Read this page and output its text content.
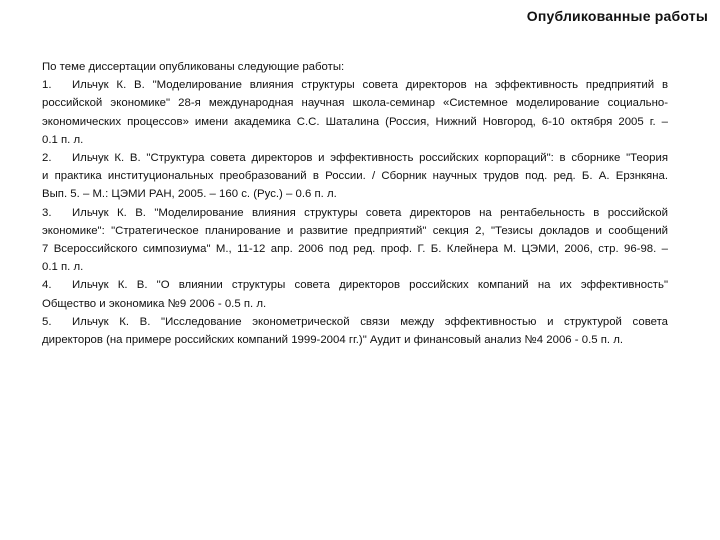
Опубликованные работы
По теме диссертации опубликованы следующие работы:
1. Ильчук К. В. "Моделирование влияния структуры совета директоров на эффективность предприятий в
российской экономике" 28-я международная научная школа-семинар «Системное моделирование социально-
экономических процессов» имени академика С.С. Шаталина (Россия, Нижний Новгород, 6-10 октября 2005 г. –
0.1 п. л.
2. Ильчук К. В. "Структура совета директоров и эффективность российских корпораций": в сборнике "Теория
и практика институциональных преобразований в России. / Сборник научных трудов под. ред. Б. А. Ерзнкяна.
Вып. 5. – М.: ЦЭМИ РАН, 2005. – 160 с. (Рус.) – 0.6 п. л.
3. Ильчук К. В. "Моделирование влияния структуры совета директоров на рентабельность в российской
экономике": "Стратегическое планирование и развитие предприятий" секция 2, "Тезисы докладов и сообщений
7 Всероссийского симпозиума" М., 11-12 апр. 2006 под ред. проф. Г. Б. Клейнера М. ЦЭМИ, 2006, стр. 96-98. –
0.1 п. л.
4. Ильчук К. В. "О влиянии структуры совета директоров российских компаний на их эффективность"
Общество и экономика №9 2006 - 0.5 п. л.
5. Ильчук К. В. "Исследование эконометрической связи между эффективностью и структурой совета
директоров (на примере российских компаний 1999-2004 гг.)" Аудит и финансовый анализ №4 2006 - 0.5 п. л.
